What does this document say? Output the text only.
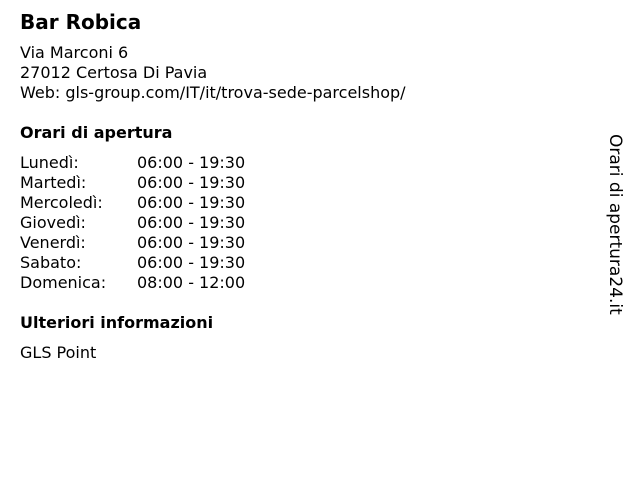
Bar Robica
Via Marconi 6
27012 Certosa Di Pavia
Web: gls-group.com/IT/it/trova-sede-parcelshop/
Orari di apertura
Lunedì:	06:00 - 19:30
Martedì:	06:00 - 19:30
Mercoledì:	06:00 - 19:30
Giovedì:	06:00 - 19:30
Venerdì:	06:00 - 19:30
Sabato:	06:00 - 19:30
Domenica:	08:00 - 12:00
Ulteriori informazioni
GLS Point
Orari di apertura24.it
